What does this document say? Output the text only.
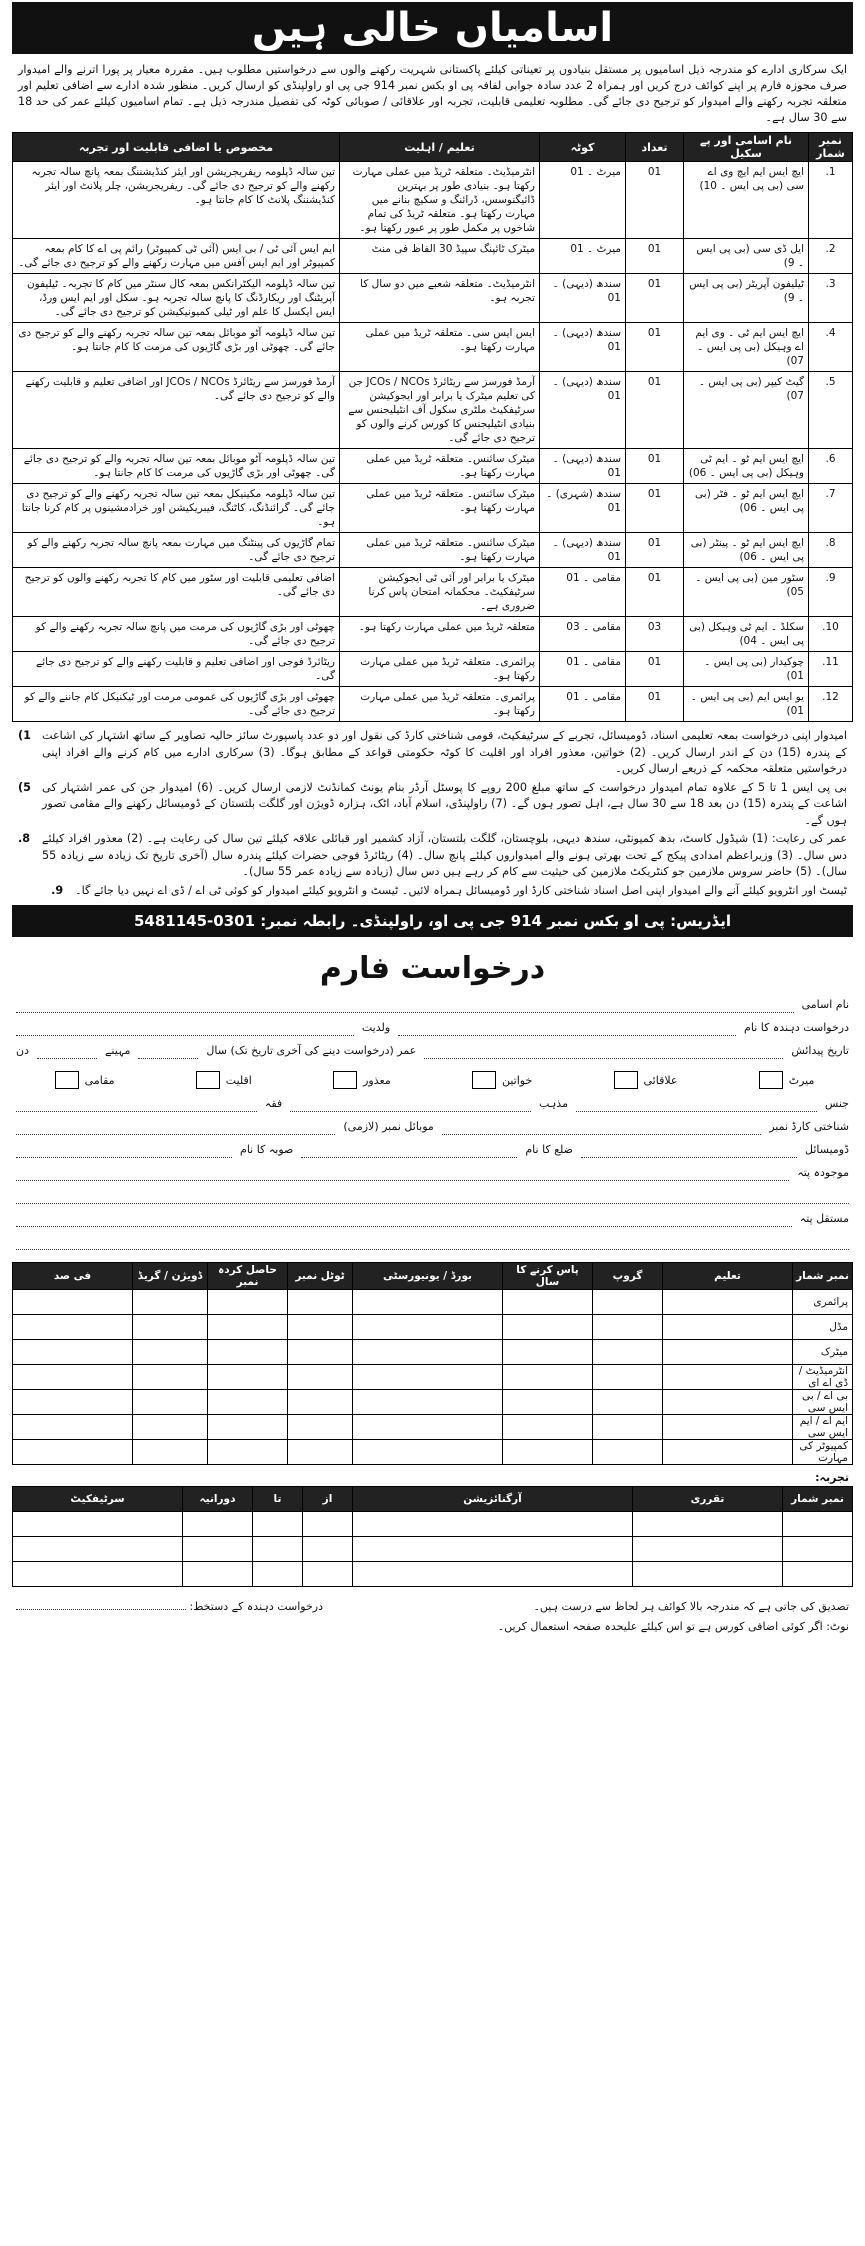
اسامیاں خالی ہیں
ایک سرکاری ادارے کو مندرجہ ذیل اسامیوں پر مستقل بنیادوں پر تعیناتی کیلئے پاکستانی شہریت رکھنے والوں سے درخواستیں مطلوب ہیں۔ مقررہ معیار پر پورا اترنے والے امیدوار صرف مجوزہ فارم پر اپنے کوائف درج کریں اور ہمراہ 2 عدد سادہ جوابی لفافہ پی او بکس نمبر 914 جی پی او راولپنڈی کو ارسال کریں۔ منظور شدہ ادارے سے اضافی تعلیم اور متعلقہ تجربہ رکھنے والے امیدوار کو ترجیح دی جائے گی۔ مطلوبہ تعلیمی قابلیت، تجربہ اور علاقائی / صوبائی کوٹہ کی تفصیل مندرجہ ذیل ہے۔ تمام اسامیوں کیلئے عمر کی حد 18 سے 30 سال ہے۔
نمبر شمار	نام اسامی اور پے سکیل	تعداد	کوٹہ	تعلیم / اہلیت	مخصوص یا اضافی قابلیت اور تجربہ
1.	ایچ ایس ایم ایچ وی اے سی (بی پی ایس ۔ 10)	01	میرٹ ۔ 01	انٹرمیڈیٹ۔ متعلقہ ٹریڈ میں عملی مہارت رکھتا ہو۔ بنیادی طور پر بہترین ڈائیگنوسس، ڈرائنگ و سکیچ بنانے میں مہارت رکھتا ہو۔ متعلقہ ٹریڈ کی تمام شاخوں پر مکمل طور پر عبور رکھتا ہو۔	تین سالہ ڈپلومہ ریفریجریشن اور ایئر کنڈیشننگ بمعہ پانچ سالہ تجربہ رکھنے والے کو ترجیح دی جائے گی۔ ریفریجریشن، چلر پلانٹ اور ایئر کنڈیشننگ پلانٹ کا کام جانتا ہو۔
2.	ایل ڈی سی (بی پی ایس ۔ 9)	01	میرٹ ۔ 01	میٹرک ٹائپنگ سپیڈ 30 الفاظ فی منٹ	ایم ایس آئی ٹی / بی ایس (آئی ٹی کمپیوٹر) رائم پی اے کا کام بمعہ کمپیوٹر اور ایم ایس آفس میں مہارت رکھنے والے کو ترجیح دی جائے گی۔
3.	ٹیلیفون آپریٹر (بی پی ایس ۔ 9)	01	سندھ (دیہی) ۔ 01	انٹرمیڈیٹ۔ متعلقہ شعبے میں دو سال کا تجربہ ہو۔	تین سالہ ڈپلومہ الیکٹرانکس بمعہ کال سنٹر میں کام کا تجربہ۔ ٹیلیفون آپریٹنگ اور ریکارڈنگ کا پانچ سالہ تجربہ ہو۔ سکل اور ایم ایس ورڈ، ایس ایکسل کا علم اور ٹیلی کمیونیکیشن کو ترجیح دی جائے گی۔
4.	ایچ ایس ایم ٹی ۔ وی ایم اے وہیکل (بی پی ایس ۔ 07)	01	سندھ (دیہی) ۔ 01	ایس ایس سی۔ متعلقہ ٹریڈ میں عملی مہارت رکھتا ہو۔	تین سالہ ڈپلومہ آٹو موبائل بمعہ تین سالہ تجربہ رکھنے والے کو ترجیح دی جائے گی۔ چھوٹی اور بڑی گاڑیوں کی مرمت کا کام جانتا ہو۔
5.	گیٹ کیپر (بی پی ایس ۔ 07)	01	سندھ (دیہی) ۔ 01	آرمڈ فورسز سے ریٹائرڈ JCOs / NCOs جن کی تعلیم میٹرک یا برابر اور ایجوکیشن سرٹیفکیٹ ملٹری سکول آف انٹیلیجنس سے بنیادی انٹیلیجنس کا کورس کرنے والوں کو ترجیح دی جائے گی۔	آرمڈ فورسز سے ریٹائرڈ JCOs / NCOs اور اضافی تعلیم و قابلیت رکھنے والے کو ترجیح دی جائے گی۔
6.	ایچ ایس ایم ٹو ۔ ایم ٹی وہیکل (بی پی ایس ۔ 06)	01	سندھ (دیہی) ۔ 01	میٹرک سائنس۔ متعلقہ ٹریڈ میں عملی مہارت رکھتا ہو۔	تین سالہ ڈپلومہ آٹو موبائل بمعہ تین سالہ تجربہ والے کو ترجیح دی جائے گی۔ چھوٹی اور بڑی گاڑیوں کی مرمت کا کام جانتا ہو۔
7.	ایچ ایس ایم ٹو ۔ فٹر (بی پی ایس ۔ 06)	01	سندھ (شہری) ۔ 01	میٹرک سائنس۔ متعلقہ ٹریڈ میں عملی مہارت رکھتا ہو۔	تین سالہ ڈپلومہ مکینیکل بمعہ تین سالہ تجربہ رکھنے والے کو ترجیح دی جائے گی۔ گرائنڈنگ، کاٹنگ، فیبریکیشن اور خرادمشینوں پر کام کرنا جانتا ہو۔
8.	ایچ ایس ایم ٹو ۔ پینٹر (بی پی ایس ۔ 06)	01	سندھ (دیہی) ۔ 01	میٹرک سائنس۔ متعلقہ ٹریڈ میں عملی مہارت رکھتا ہو۔	تمام گاڑیوں کی پینٹنگ میں مہارت بمعہ پانچ سالہ تجربہ رکھنے والے کو ترجیح دی جائے گی۔
9.	سٹور مین (بی پی ایس ۔ 05)	01	مقامی ۔ 01	میٹرک یا برابر اور آئی ٹی ایجوکیشن سرٹیفکیٹ۔ محکمانہ امتحان پاس کرنا ضروری ہے۔	اضافی تعلیمی قابلیت اور سٹور میں کام کا تجربہ رکھنے والوں کو ترجیح دی جائے گی۔
10.	سکلڈ ۔ ایم ٹی وہیکل (بی پی ایس ۔ 04)	03	مقامی ۔ 03	متعلقہ ٹریڈ میں عملی مہارت رکھتا ہو۔	چھوٹی اور بڑی گاڑیوں کی مرمت میں پانچ سالہ تجربہ رکھنے والے کو ترجیح دی جائے گی۔
11.	چوکیدار (بی پی ایس ۔ 01)	01	مقامی ۔ 01	پرائمری۔ متعلقہ ٹریڈ میں عملی مہارت رکھتا ہو۔	ریٹائرڈ فوجی اور اضافی تعلیم و قابلیت رکھنے والے کو ترجیح دی جائے گی۔
12.	یو ایس ایم (بی پی ایس ۔ 01)	01	مقامی ۔ 01	پرائمری۔ متعلقہ ٹریڈ میں عملی مہارت رکھتا ہو۔	چھوٹی اور بڑی گاڑیوں کی عمومی مرمت اور ٹیکنیکل کام جاننے والے کو ترجیح دی جائے گی۔
امیدوار اپنی درخواست بمعہ تعلیمی اسناد، ڈومیسائل، تجربے کے سرٹیفکیٹ، قومی شناختی کارڈ کی نقول اور دو عدد پاسپورٹ سائز حالیہ تصاویر کے ساتھ اشتہار کی اشاعت کے پندرہ (15) دن کے اندر ارسال کریں۔ (2) خواتین، معذور افراد اور اقلیت کا کوٹہ حکومتی قواعد کے مطابق ہوگا۔ (3) سرکاری ادارے میں کام کرنے والے افراد اپنی درخواستیں متعلقہ محکمہ کے ذریعے ارسال کریں۔
1)
بی پی ایس 1 تا 5 کے علاوہ تمام امیدوار درخواست کے ساتھ مبلغ 200 روپے کا پوسٹل آرڈر بنام یونٹ کمانڈنٹ لازمی ارسال کریں۔ (6) امیدوار جن کی عمر اشتہار کی اشاعت کے پندرہ (15) دن بعد 18 سے 30 سال ہے، اہل تصور ہوں گے۔ (7) راولپنڈی، اسلام آباد، اٹک، ہزارہ ڈویژن اور گلگت بلتستان کے ڈومیسائل رکھنے والے مقامی تصور ہوں گے۔
5)
عمر کی رعایت: (1) شیڈول کاسٹ، بدھ کمیونٹی، سندھ دیہی، بلوچستان، گلگت بلتستان، آزاد کشمیر اور قبائلی علاقہ کیلئے تین سال کی رعایت ہے۔ (2) معذور افراد کیلئے دس سال۔ (3) وزیراعظم امدادی پیکج کے تحت بھرتی ہونے والے امیدواروں کیلئے پانچ سال۔ (4) ریٹائرڈ فوجی حضرات کیلئے پندرہ سال (آخری تاریخ تک زیادہ سے زیادہ 55 سال)۔ (5) حاضر سروس ملازمین جو کنٹریکٹ ملازمین کی حیثیت سے کام کر رہے ہیں دس سال (زیادہ سے زیادہ عمر 55 سال)۔
8.
ٹیسٹ اور انٹرویو کیلئے آنے والے امیدوار اپنی اصل اسناد شناختی کارڈ اور ڈومیسائل ہمراہ لائیں۔ ٹیسٹ و انٹرویو کیلئے امیدوار کو کوئی ٹی اے / ڈی اے نہیں دیا جائے گا۔
9.
ایڈریس: پی او بکس نمبر 914 جی پی او، راولپنڈی۔ رابطہ نمبر: 0301-5481145
درخواست فارم
نام اسامی
درخواست دہندہ کا نام
ولدیت
تاریخ پیدائش
عمر (درخواست دینے کی آخری تاریخ تک) سال
مہینے
دن
میرٹ
علاقائی
خواتین
معذور
اقلیت
مقامی
جنس
مذہب
فقہ
شناختی کارڈ نمبر
موبائل نمبر (لازمی)
ڈومیسائل
ضلع کا نام
صوبہ کا نام
موجودہ پتہ
مستقل پتہ
نمبر شمار	تعلیم	گروپ	پاس کرنے کا سال	بورڈ / یونیورسٹی	ٹوٹل نمبر	حاصل کردہ نمبر	ڈویژن / گریڈ	فی صد
پرائمری								
مڈل								
میٹرک								
انٹرمیڈیٹ / ڈی اے ای								
بی اے / بی ایس سی								
ایم اے / ایم ایس سی								
کمپیوٹر کی مہارت								
تجربہ:
نمبر شمار	تقرری	آرگنائزیشن	از	تا	دورانیہ	سرٹیفکیٹ

تصدیق کی جاتی ہے کہ مندرجہ بالا کوائف ہر لحاظ سے درست ہیں۔
درخواست دہندہ کے دستخط:
نوٹ: اگر کوئی اضافی کورس ہے تو اس کیلئے علیحدہ صفحہ استعمال کریں۔
